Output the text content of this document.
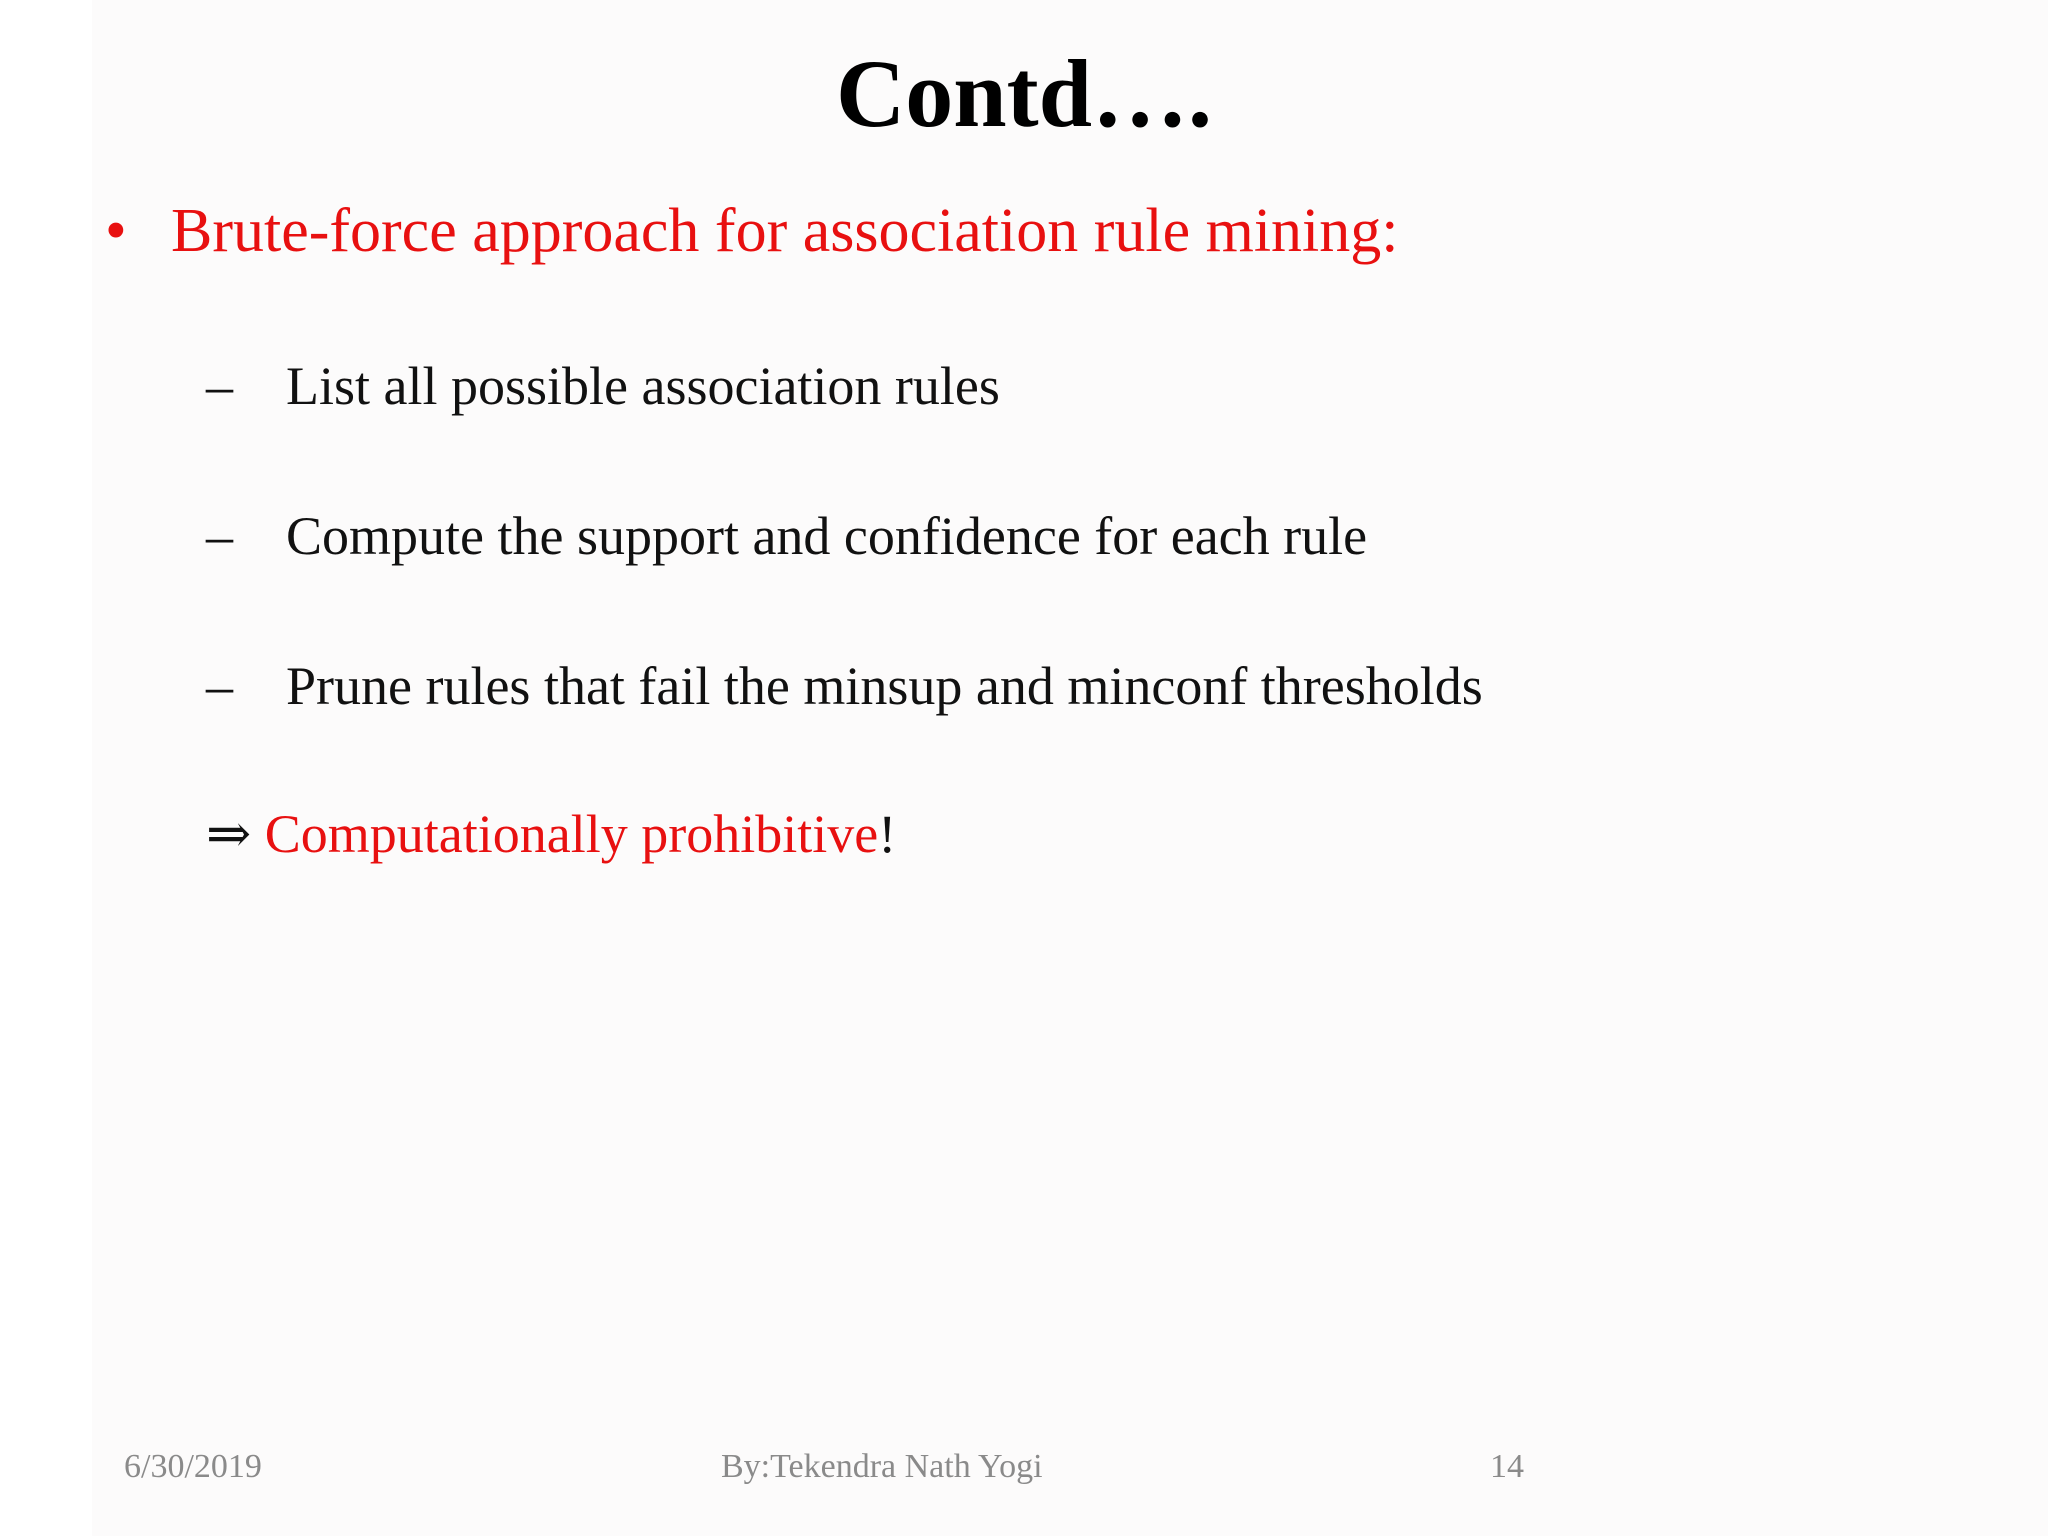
Contd….
• Brute-force approach for association rule mining:
– List all possible association rules
– Compute the support and confidence for each rule
– Prune rules that fail the minsup and minconf thresholds
⇒ Computationally prohibitive!
6/30/2019	By:Tekendra Nath Yogi	14
